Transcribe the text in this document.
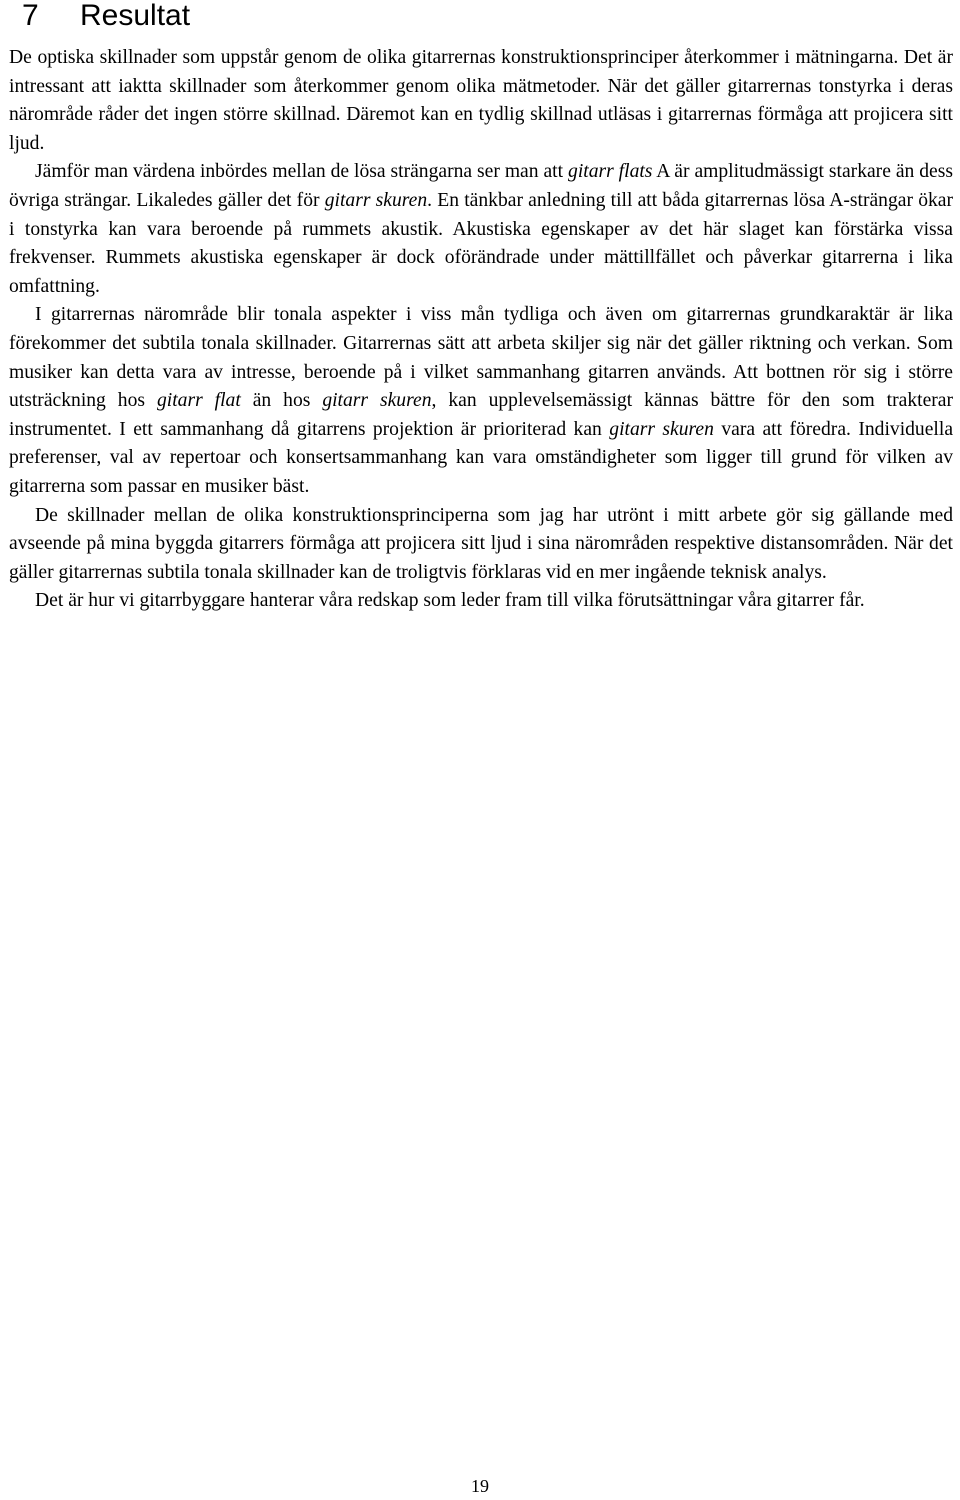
7 Resultat

De optiska skillnader som uppstår genom de olika gitarrernas konstruktionsprinciper återkommer i mätningarna. Det är intressant att iaktta skillnader som återkommer genom olika mätmetoder. När det gäller gitarrernas tonstyrka i deras närområde råder det ingen större skillnad. Däremot kan en tydlig skillnad utläsas i gitarrernas förmåga att projicera sitt ljud.

Jämför man värdena inbördes mellan de lösa strängarna ser man att gitarr flats A är amplitudmässigt starkare än dess övriga strängar. Likaledes gäller det för gitarr skuren. En tänkbar anledning till att båda gitarrernas lösa A-strängar ökar i tonstyrka kan vara beroende på rummets akustik. Akustiska egenskaper av det här slaget kan förstärka vissa frekvenser. Rummets akustiska egenskaper är dock oförändrade under mättillfället och påverkar gitarrerna i lika omfattning.

I gitarrernas närområde blir tonala aspekter i viss mån tydliga och även om gitarrernas grundkaraktär är lika förekommer det subtila tonala skillnader. Gitarrernas sätt att arbeta skiljer sig när det gäller riktning och verkan. Som musiker kan detta vara av intresse, beroende på i vilket sammanhang gitarren används. Att bottnen rör sig i större utsträckning hos gitarr flat än hos gitarr skuren, kan upplevelsemässigt kännas bättre för den som trakterar instrumentet. I ett sammanhang då gitarrens projektion är prioriterad kan gitarr skuren vara att föredra. Individuella preferenser, val av repertoar och konsertsammanhang kan vara omständigheter som ligger till grund för vilken av gitarrerna som passar en musiker bäst.

De skillnader mellan de olika konstruktionsprinciperna som jag har utrönt i mitt arbete gör sig gällande med avseende på mina byggda gitarrers förmåga att projicera sitt ljud i sina närområden respektive distansområden. När det gäller gitarrernas subtila tonala skillnader kan de troligtvis förklaras vid en mer ingående teknisk analys.

Det är hur vi gitarrbyggare hanterar våra redskap som leder fram till vilka förutsättningar våra gitarrer får.

19
